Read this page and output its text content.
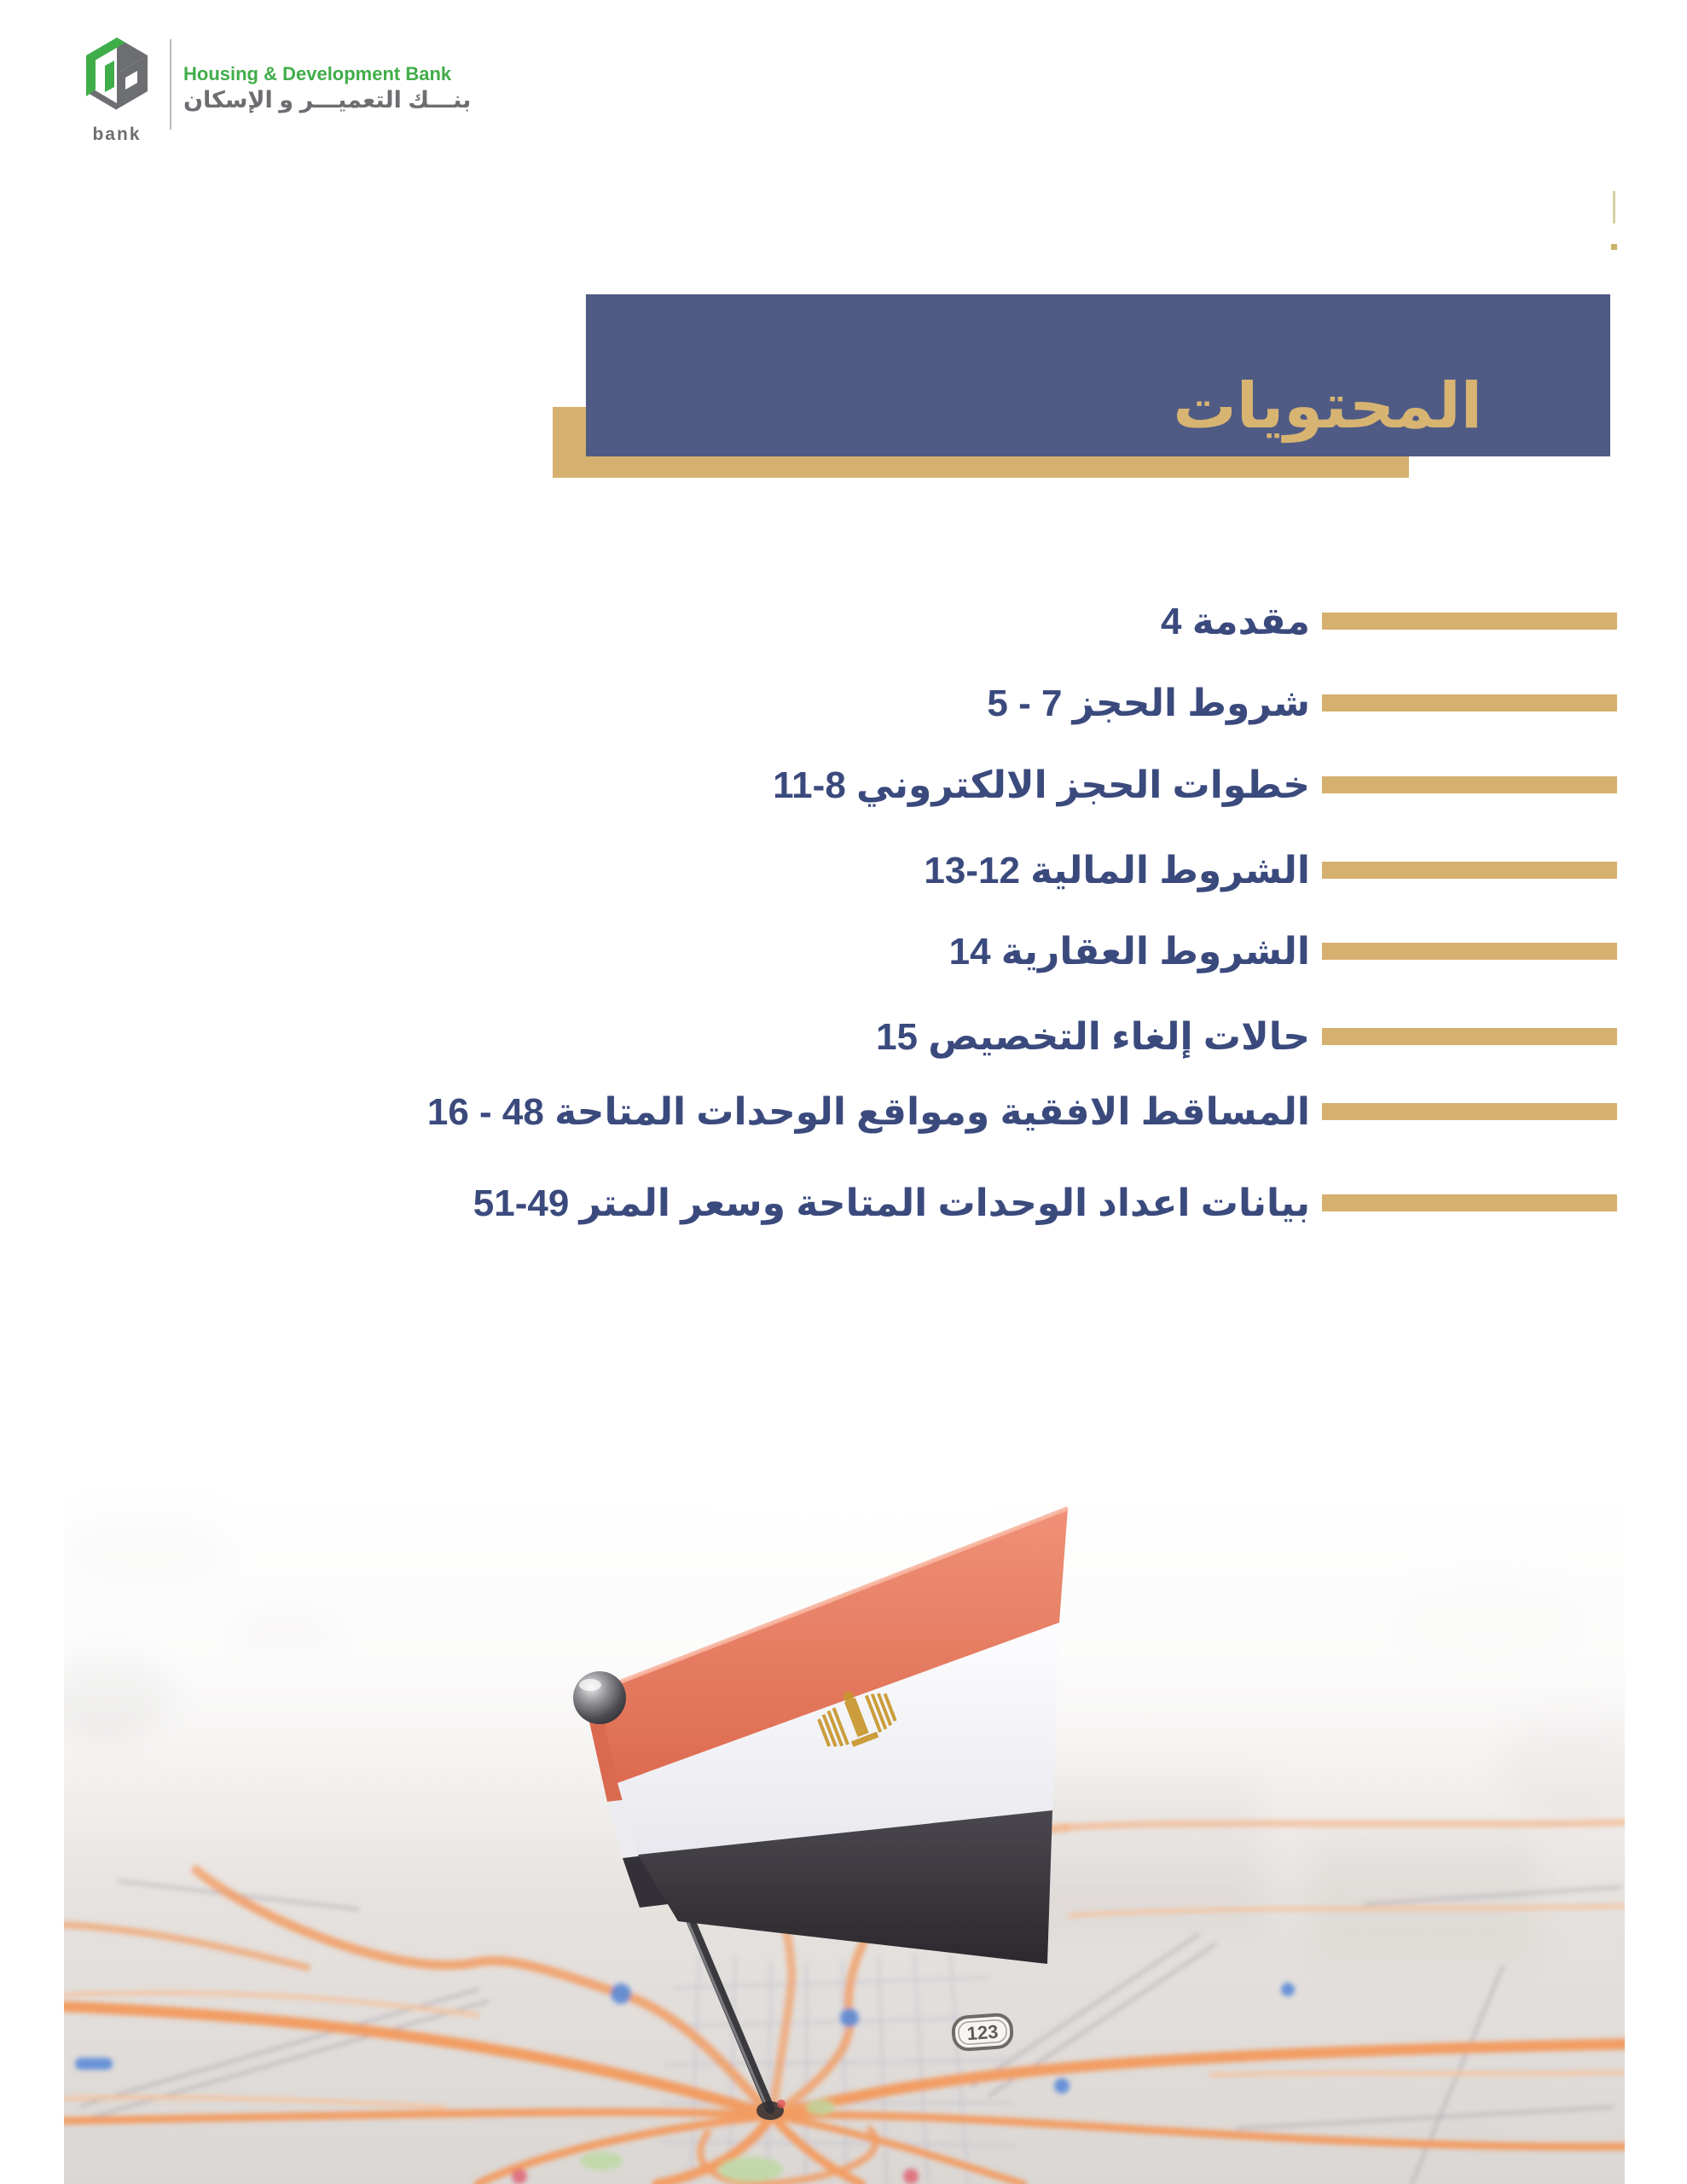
bank
Housing & Development Bank
بنـــك التعميـــر و الإسكان
المحتويات
مقدمة 4
شروط الحجز 7 - 5
خطوات الحجز الالكتروني 8-11
الشروط المالية 12-13
الشروط العقارية 14
حالات إلغاء التخصيص 15
المساقط الافقية ومواقع الوحدات المتاحة 48 - 16
بيانات اعداد الوحدات المتاحة وسعر المتر 49-51
123
